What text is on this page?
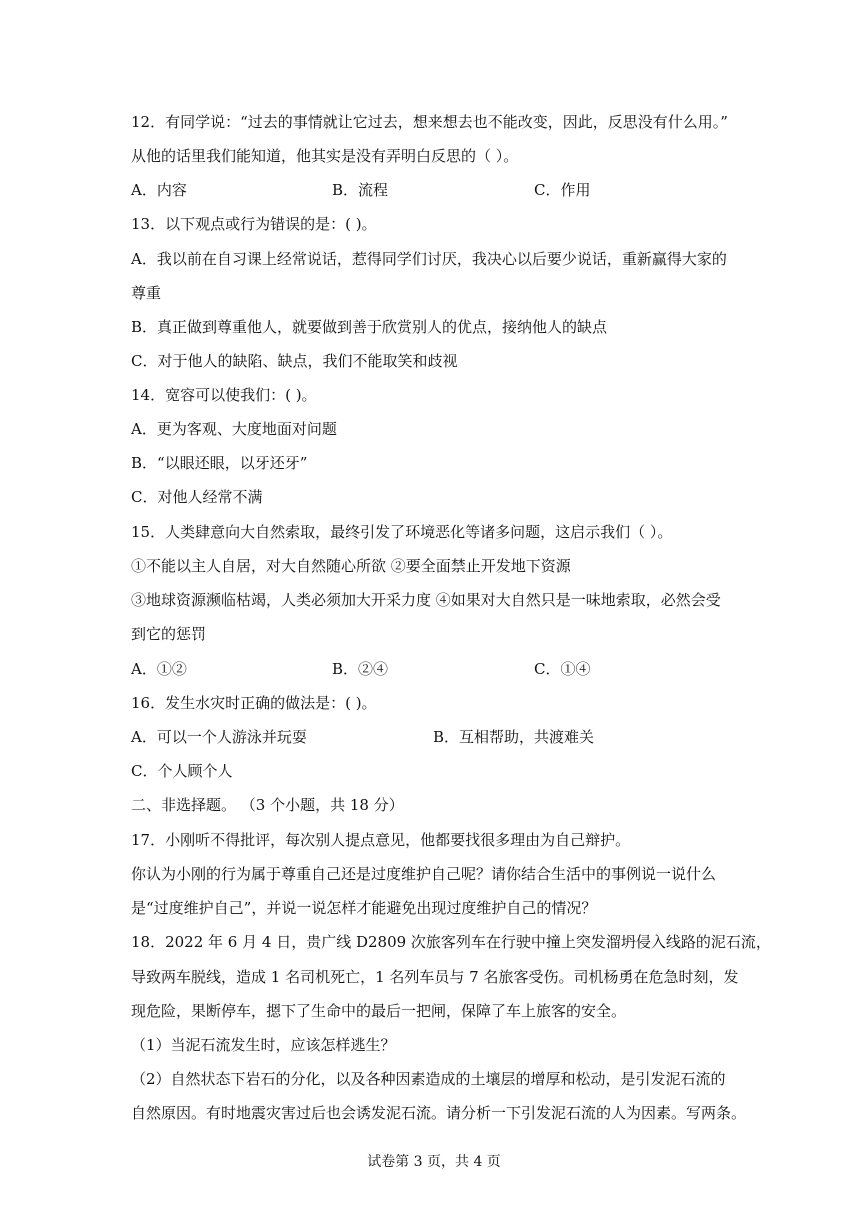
12．有同学说：“过去的事情就让它过去，想来想去也不能改变，因此，反思没有什么用。”
从他的话里我们能知道，他其实是没有弄明白反思的（ ）。
A．内容	B．流程	C．作用
13．以下观点或行为错误的是：( )。
A．我以前在自习课上经常说话，惹得同学们讨厌，我决心以后要少说话，重新赢得大家的
尊重
B．真正做到尊重他人，就要做到善于欣赏别人的优点，接纳他人的缺点
C．对于他人的缺陷、缺点，我们不能取笑和歧视
14．宽容可以使我们：( )。
A．更为客观、大度地面对问题
B．“以眼还眼，以牙还牙”
C．对他人经常不满
15．人类肆意向大自然索取，最终引发了环境恶化等诸多问题，这启示我们（ ）。
①不能以主人自居，对大自然随心所欲 ②要全面禁止开发地下资源
③地球资源濒临枯竭，人类必须加大开采力度 ④如果对大自然只是一味地索取，必然会受
到它的惩罚
A．①②	B．②④	C．①④
16．发生水灾时正确的做法是：( )。
A．可以一个人游泳并玩耍	B．互相帮助，共渡难关
C．个人顾个人
二、非选择题。 （3 个小题，共 18 分）
17．小刚听不得批评，每次别人提点意见，他都要找很多理由为自己辩护。
你认为小刚的行为属于尊重自己还是过度维护自己呢？请你结合生活中的事例说一说什么
是“过度维护自己”，并说一说怎样才能避免出现过度维护自己的情况？
18．2022 年 6 月 4 日，贵广线 D2809 次旅客列车在行驶中撞上突发溜坍侵入线路的泥石流，
导致两车脱线，造成 1 名司机死亡，1 名列车员与 7 名旅客受伤。司机杨勇在危急时刻，发
现危险，果断停车，摁下了生命中的最后一把闸，保障了车上旅客的安全。
（1）当泥石流发生时，应该怎样逃生？
（2）自然状态下岩石的分化，以及各种因素造成的土壤层的增厚和松动，是引发泥石流的
自然原因。有时地震灾害过后也会诱发泥石流。请分析一下引发泥石流的人为因素。写两条。
试卷第 3 页，共 4 页
